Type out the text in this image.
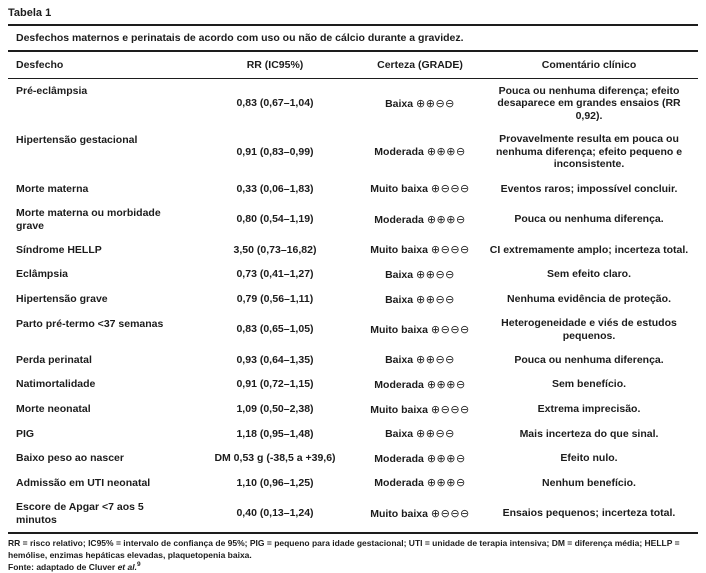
Tabela 1
Desfechos maternos e perinatais de acordo com uso ou não de cálcio durante a gravidez.
Desfecho	RR (IC95%)	Certeza (GRADE)	Comentário clínico
Pré-eclâmpsia	0,83 (0,67–1,04)	Baixa ⊕⊕⊖⊖	Pouca ou nenhuma diferença; efeito desaparece em grandes ensaios (RR 0,92).
Hipertensão gestacional	0,91 (0,83–0,99)	Moderada ⊕⊕⊕⊖	Provavelmente resulta em pouca ou nenhuma diferença; efeito pequeno e inconsistente.
Morte materna	0,33 (0,06–1,83)	Muito baixa ⊕⊖⊖⊖	Eventos raros; impossível concluir.
Morte materna ou morbidade grave	0,80 (0,54–1,19)	Moderada ⊕⊕⊕⊖	Pouca ou nenhuma diferença.
Síndrome HELLP	3,50 (0,73–16,82)	Muito baixa ⊕⊖⊖⊖	CI extremamente amplo; incerteza total.
Eclâmpsia	0,73 (0,41–1,27)	Baixa ⊕⊕⊖⊖	Sem efeito claro.
Hipertensão grave	0,79 (0,56–1,11)	Baixa ⊕⊕⊖⊖	Nenhuma evidência de proteção.
Parto pré-termo <37 semanas	0,83 (0,65–1,05)	Muito baixa ⊕⊖⊖⊖	Heterogeneidade e viés de estudos pequenos.
Perda perinatal	0,93 (0,64–1,35)	Baixa ⊕⊕⊖⊖	Pouca ou nenhuma diferença.
Natimortalidade	0,91 (0,72–1,15)	Moderada ⊕⊕⊕⊖	Sem benefício.
Morte neonatal	1,09 (0,50–2,38)	Muito baixa ⊕⊖⊖⊖	Extrema imprecisão.
PIG	1,18 (0,95–1,48)	Baixa ⊕⊕⊖⊖	Mais incerteza do que sinal.
Baixo peso ao nascer	DM 0,53 g (-38,5 a +39,6)	Moderada ⊕⊕⊕⊖	Efeito nulo.
Admissão em UTI neonatal	1,10 (0,96–1,25)	Moderada ⊕⊕⊕⊖	Nenhum benefício.
Escore de Apgar <7 aos 5 minutos	0,40 (0,13–1,24)	Muito baixa ⊕⊖⊖⊖	Ensaios pequenos; incerteza total.
RR = risco relativo; IC95% = intervalo de confiança de 95%; PIG = pequeno para idade gestacional; UTI = unidade de terapia intensiva; DM = diferença média; HELLP = hemólise, enzimas hepáticas elevadas, plaquetopenia baixa.
Fonte: adaptado de Cluver et al.$^9$
